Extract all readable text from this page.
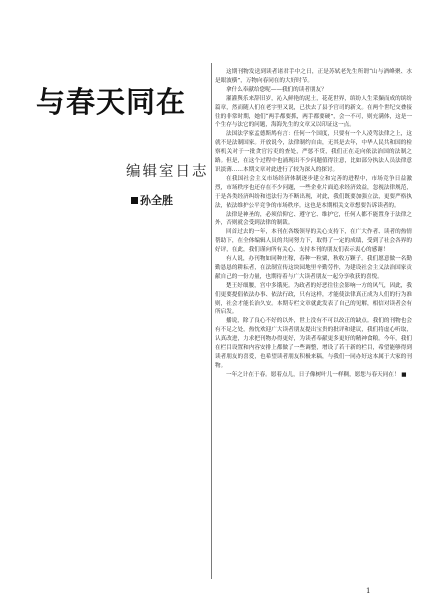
与春天同在
编辑室日志
孙全胜

这期刊物发送到读者诸君手中之日，正是苏轼老先生所谓“山与酒峰聚、水是眼波横”，万物向春同在的大好时节。

拿什么奉献给您呢——我们的读者朋友？

灌灌舆乐来辞旧岁，沁入鲜艳的泥土，花花世界，缤纷人生采撷而成的缤纷篇章，然而随人们在老字里又说，已扶去了县予官司的新文。在两个世纪交叠接往的非常时期，她们“两手都要抓，两手都要硬”，会一不可，则充满体，这是一个生存与法它的问题，海海先生的文章又以印证这一点。

法国法学家孟德斯鸠有言：任何一个国度，只要有一个人凌驾法律之上，这就不是法制国家。开放说今，法律制约自由，无其是去年，中华人民共和国的检察机关对于一批贪官污吏的查处，严惩不贷，我们正在走向依法治国的法制之路。但是，在这个过程中也涌现出不少问题值得注意，比如部分执法人员法律意识淡薄……本期文章对此进行了较为深入的探讨。

在我国社会主义市场经济体制逐步建立和完善的进程中，市场竞争日益激烈，市场秩序也还存在不少问题，一些企业片面追求经济效益，忽视法律规范，于是各类经济纠纷和违法行为不断出现，对此，我们既要加强立法，更要严格执法，依法维护公平竞争的市场秩序。这也是本期相关文章想要告诉读者的。

法律是神圣的，必须信仰它、遵守它、维护它，任何人都不能置身于法律之外，否则就会受到法律的制裁。

回首过去的一年，本刊在各级领导的关心支持下，在广大作者、读者的热情帮助下，在全体编辑人员的共同努力下，取得了一定的成绩，受到了社会各界的好评，在此，我们谨向所有关心、支持本刊的朋友们表示衷心的感谢！

有人说，办刊物如同种庄稼，春种一粒粟，秋收万颗子。我们愿意做一名勤勤恳恳的耕耘者，在法制宣传这块园地里辛勤劳作，为建设社会主义法治国家贡献自己的一份力量，也期待着与广大读者朋友一起分享收获的喜悦。

楚王好细腰，宫中多饿死。为政者的好恶往往会影响一方的风气，因此，我们更要提倡依法办事、依法行政，只有这样，才能使法律真正成为人们的行为准则，社会才能长治久安。本期专栏文章就此发表了自己的见解，相信对读者会有所启发。

播说，除了良心不好的以外，世上没有不可以改正的缺点。我们的刊物也会有不足之处，热忱欢迎广大读者朋友提出宝贵的批评和建议，我们将虚心听取，认真改进，力求把刊物办得更好，为读者奉献更多更好的精神食粮。今年，我们在栏目设置和内容安排上都做了一些调整，增设了若干新的栏目，希望能够得到读者朋友的喜爱，也希望读者朋友积极来稿，与我们一同办好这本属于大家的刊物。

一年之计在于春。愿着点儿，日子像树叶儿一样稠，愿您与春天同在！ ■

1
